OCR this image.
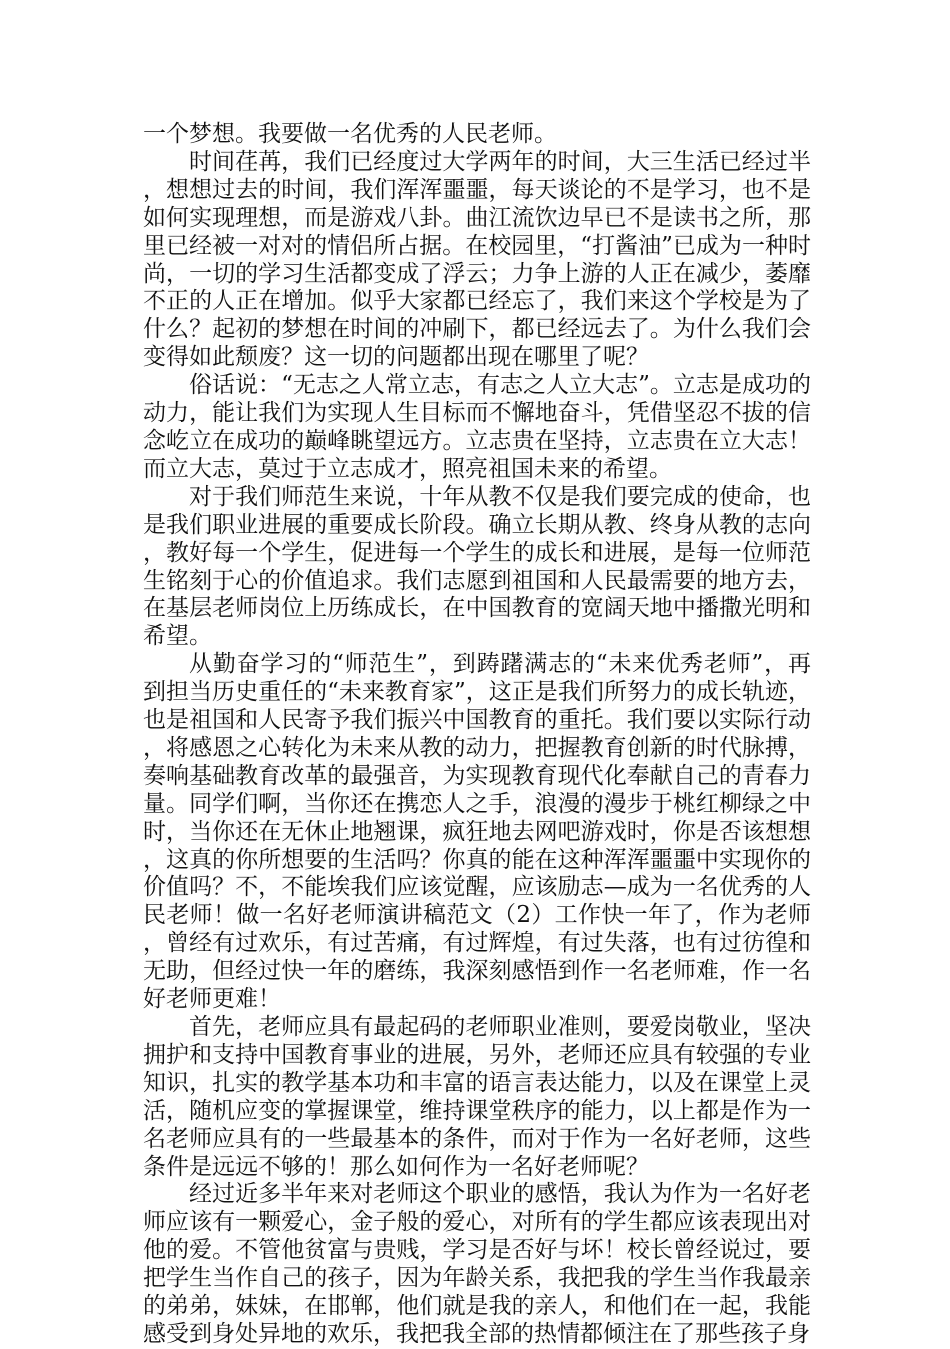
一个梦想。我要做一名优秀的人民老师。

时间荏苒，我们已经度过大学两年的时间，大三生活已经过半，想想过去的时间，我们浑浑噩噩，每天谈论的不是学习，也不是如何实现理想，而是游戏八卦。曲江流饮边早已不是读书之所，那里已经被一对对的情侣所占据。在校园里，“打酱油”已成为一种时尚，一切的学习生活都变成了浮云；力争上游的人正在减少，萎靡不正的人正在增加。似乎大家都已经忘了，我们来这个学校是为了什么？起初的梦想在时间的冲刷下，都已经远去了。为什么我们会变得如此颓废？这一切的问题都出现在哪里了呢？

俗话说：“无志之人常立志，有志之人立大志”。立志是成功的动力，能让我们为实现人生目标而不懈地奋斗，凭借坚忍不拔的信念屹立在成功的巅峰眺望远方。立志贵在坚持，立志贵在立大志！而立大志，莫过于立志成才，照亮祖国未来的希望。

对于我们师范生来说，十年从教不仅是我们要完成的使命，也是我们职业进展的重要成长阶段。确立长期从教、终身从教的志向，教好每一个学生，促进每一个学生的成长和进展，是每一位师范生铭刻于心的价值追求。我们志愿到祖国和人民最需要的地方去，在基层老师岗位上历练成长，在中国教育的宽阔天地中播撒光明和希望。

从勤奋学习的“师范生”，到踌躇满志的“未来优秀老师”，再到担当历史重任的“未来教育家”，这正是我们所努力的成长轨迹，也是祖国和人民寄予我们振兴中国教育的重托。我们要以实际行动，将感恩之心转化为未来从教的动力，把握教育创新的时代脉搏，奏响基础教育改革的最强音，为实现教育现代化奉献自己的青春力量。同学们啊，当你还在携恋人之手，浪漫的漫步于桃红柳绿之中时，当你还在无休止地翘课，疯狂地去网吧游戏时，你是否该想想，这真的你所想要的生活吗？你真的能在这种浑浑噩噩中实现你的价值吗？不，不能埃我们应该觉醒，应该励志—成为一名优秀的人民老师！做一名好老师演讲稿范文（2）工作快一年了，作为老师，曾经有过欢乐，有过苦痛，有过辉煌，有过失落，也有过彷徨和无助，但经过快一年的磨练，我深刻感悟到作一名老师难，作一名好老师更难！

首先，老师应具有最起码的老师职业准则，要爱岗敬业，坚决拥护和支持中国教育事业的进展，另外，老师还应具有较强的专业知识，扎实的教学基本功和丰富的语言表达能力，以及在课堂上灵活，随机应变的掌握课堂，维持课堂秩序的能力，以上都是作为一名老师应具有的一些最基本的条件，而对于作为一名好老师，这些条件是远远不够的！那么如何作为一名好老师呢？

经过近多半年来对老师这个职业的感悟，我认为作为一名好老师应该有一颗爱心，金子般的爱心，对所有的学生都应该表现出对他的爱。不管他贫富与贵贱，学习是否好与坏！校长曾经说过，要把学生当作自己的孩子，因为年龄关系，我把我的学生当作我最亲的弟弟，妹妹，在邯郸，他们就是我的亲人，和他们在一起，我能感受到身处异地的欢乐，我把我全部的热情都倾注在了那些孩子身
